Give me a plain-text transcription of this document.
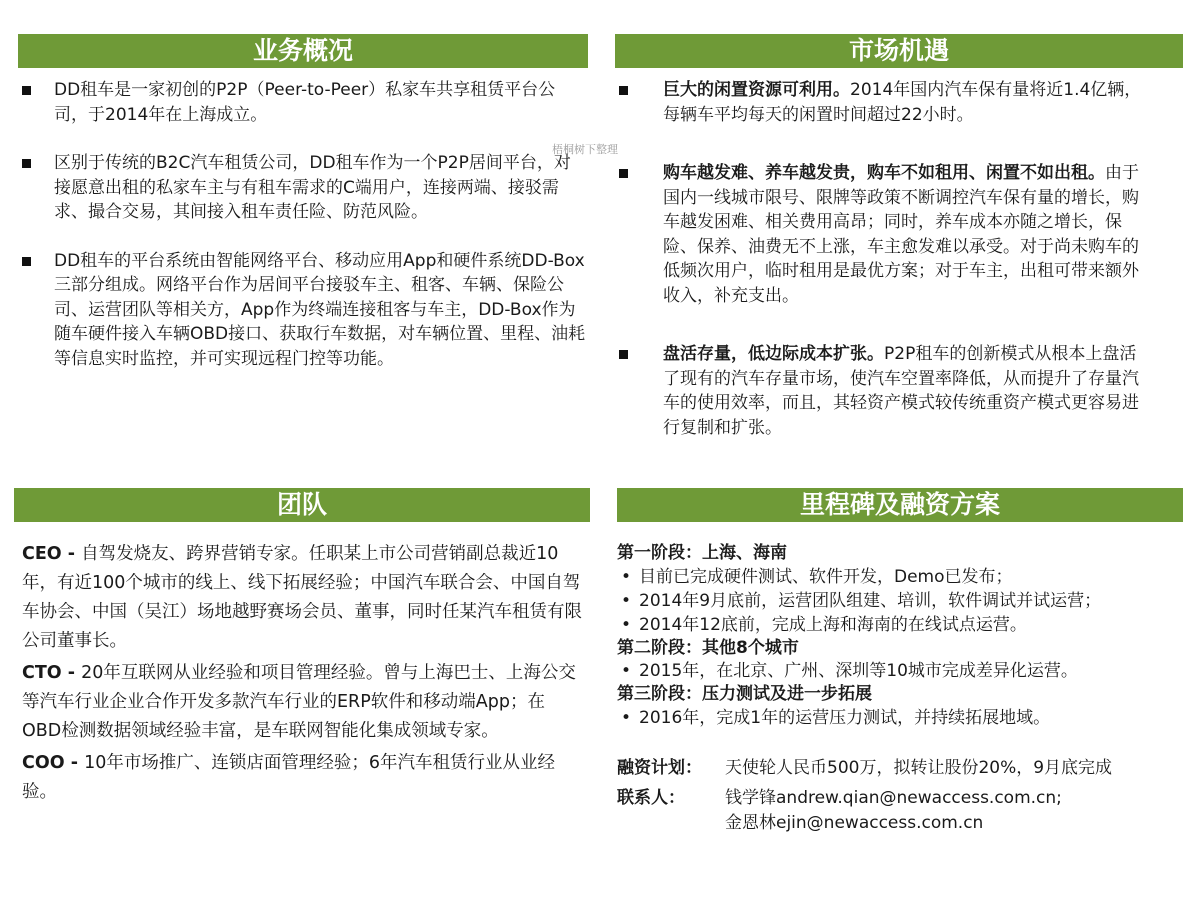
业务概况
DD租车是一家初创的P2P（Peer-to-Peer）私家车共享租赁平台公司，于2014年在上海成立。
区别于传统的B2C汽车租赁公司，DD租车作为一个P2P居间平台，对接愿意出租的私家车主与有租车需求的C端用户，连接两端、接驳需求、撮合交易，其间接入租车责任险、防范风险。
DD租车的平台系统由智能网络平台、移动应用App和硬件系统DD-Box三部分组成。网络平台作为居间平台接驳车主、租客、车辆、保险公司、运营团队等相关方，App作为终端连接租客与车主，DD-Box作为随车硬件接入车辆OBD接口、获取行车数据，对车辆位置、里程、油耗等信息实时监控，并可实现远程门控等功能。
市场机遇
巨大的闲置资源可利用。2014年国内汽车保有量将近1.4亿辆，每辆车平均每天的闲置时间超过22小时。
购车越发难、养车越发贵，购车不如租用、闲置不如出租。由于国内一线城市限号、限牌等政策不断调控汽车保有量的增长，购车越发困难、相关费用高昂；同时，养车成本亦随之增长，保险、保养、油费无不上涨，车主愈发难以承受。对于尚未购车的低频次用户，临时租用是最优方案；对于车主，出租可带来额外收入，补充支出。
盘活存量，低边际成本扩张。P2P租车的创新模式从根本上盘活了现有的汽车存量市场，使汽车空置率降低，从而提升了存量汽车的使用效率，而且，其轻资产模式较传统重资产模式更容易进行复制和扩张。
梧桐树下整理
团队

CEO - 自驾发烧友、跨界营销专家。任职某上市公司营销副总裁近10年，有近100个城市的线上、线下拓展经验；中国汽车联合会、中国自驾车协会、中国（吴江）场地越野赛场会员、董事，同时任某汽车租赁有限公司董事长。

CTO - 20年互联网从业经验和项目管理经验。曾与上海巴士、上海公交等汽车行业企业合作开发多款汽车行业的ERP软件和移动端App；在OBD检测数据领域经验丰富，是车联网智能化集成领域专家。

COO - 10年市场推广、连锁店面管理经验；6年汽车租赁行业从业经验。

里程碑及融资方案
第一阶段：上海、海南
• 目前已完成硬件测试、软件开发，Demo已发布；
• 2014年9月底前，运营团队组建、培训，软件调试并试运营；
• 2014年12底前，完成上海和海南的在线试点运营。
第二阶段：其他8个城市
• 2015年，在北京、广州、深圳等10城市完成差异化运营。
第三阶段：压力测试及进一步拓展
• 2016年，完成1年的运营压力测试，并持续拓展地域。
融资计划：	天使轮人民币500万，拟转让股份20%，9月底完成
联系人：	钱学锋andrew.qian@newaccess.com.cn;
金恩林ejin@newaccess.com.cn
